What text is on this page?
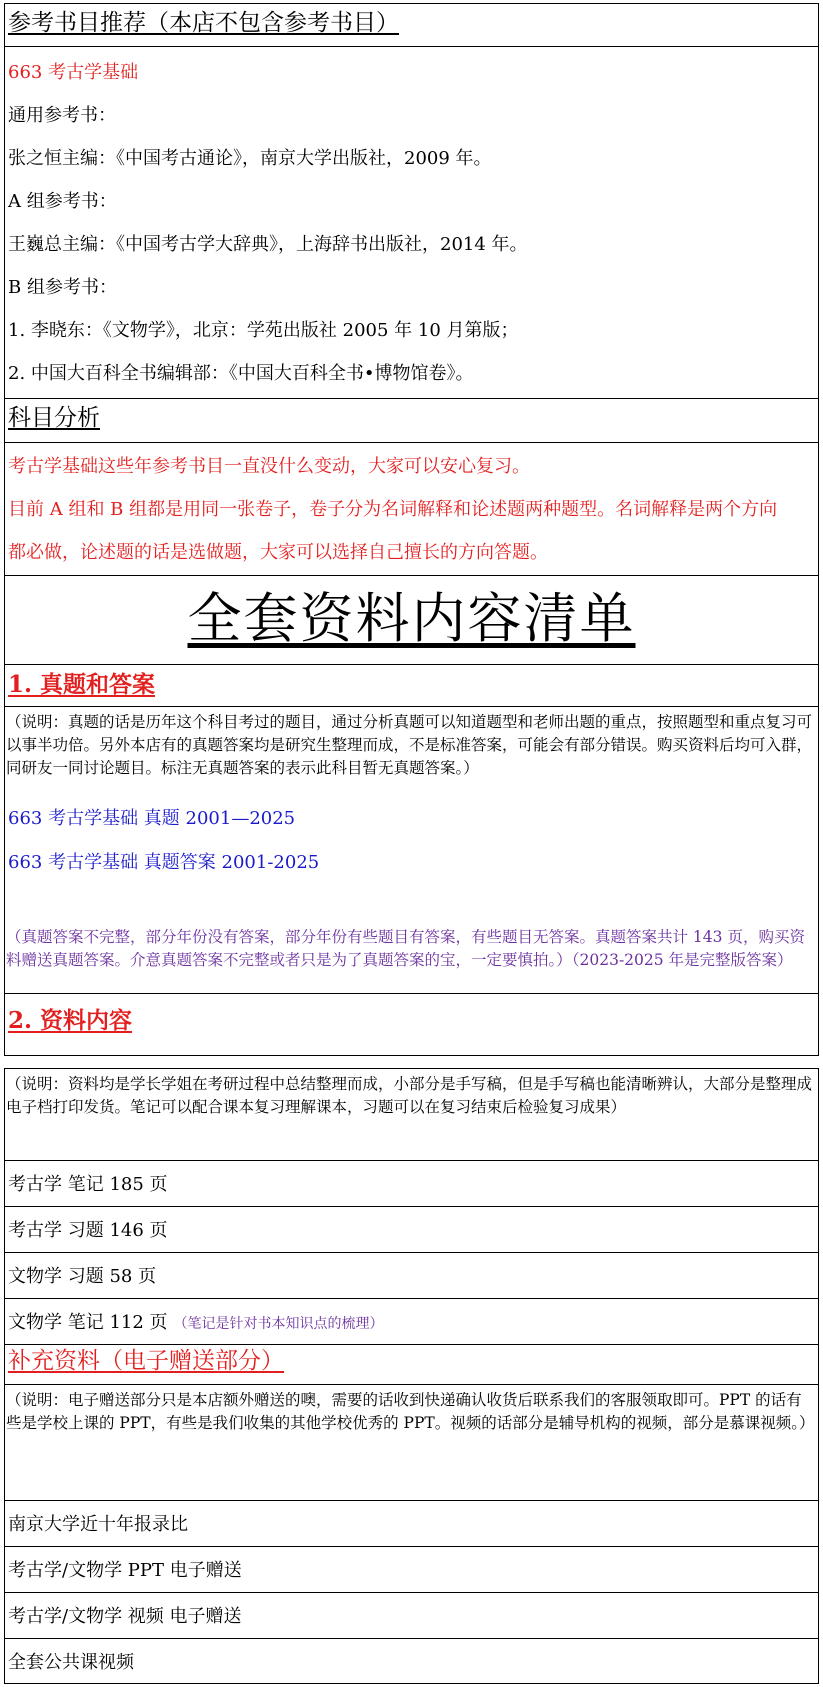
参考书目推荐（本店不包含参考书目）
663 考古学基础
通用参考书：
张之恒主编：《中国考古通论》，南京大学出版社，2009 年。
A 组参考书：
王巍总主编：《中国考古学大辞典》，上海辞书出版社，2014 年。
B 组参考书：
1. 李晓东：《文物学》，北京：学苑出版社 2005 年 10 月第版；
2. 中国大百科全书编辑部：《中国大百科全书•博物馆卷》。
科目分析
考古学基础这些年参考书目一直没什么变动，大家可以安心复习。
目前 A 组和 B 组都是用同一张卷子，卷子分为名词解释和论述题两种题型。名词解释是两个方向
都必做，论述题的话是选做题，大家可以选择自己擅长的方向答题。
全套资料内容清单
1. 真题和答案
（说明：真题的话是历年这个科目考过的题目，通过分析真题可以知道题型和老师出题的重点，按照题型和重点复习可以事半功倍。另外本店有的真题答案均是研究生整理而成，不是标准答案，可能会有部分错误。购买资料后均可入群，同研友一同讨论题目。标注无真题答案的表示此科目暂无真题答案。）
663 考古学基础 真题 2001—2025
663 考古学基础 真题答案 2001-2025
（真题答案不完整，部分年份没有答案，部分年份有些题目有答案，有些题目无答案。真题答案共计 143 页，购买资料赠送真题答案。介意真题答案不完整或者只是为了真题答案的宝，一定要慎拍。）（2023-2025 年是完整版答案）
2. 资料内容
（说明：资料均是学长学姐在考研过程中总结整理而成，小部分是手写稿，但是手写稿也能清晰辨认，大部分是整理成电子档打印发货。笔记可以配合课本复习理解课本，习题可以在复习结束后检验复习成果）
考古学 笔记 185 页
考古学 习题 146 页
文物学 习题 58 页
文物学 笔记 112 页 （笔记是针对书本知识点的梳理）
补充资料（电子赠送部分）
（说明：电子赠送部分只是本店额外赠送的噢，需要的话收到快递确认收货后联系我们的客服领取即可。PPT 的话有些是学校上课的 PPT，有些是我们收集的其他学校优秀的 PPT。视频的话部分是辅导机构的视频，部分是慕课视频。）
南京大学近十年报录比
考古学/文物学 PPT 电子赠送
考古学/文物学 视频 电子赠送
全套公共课视频
